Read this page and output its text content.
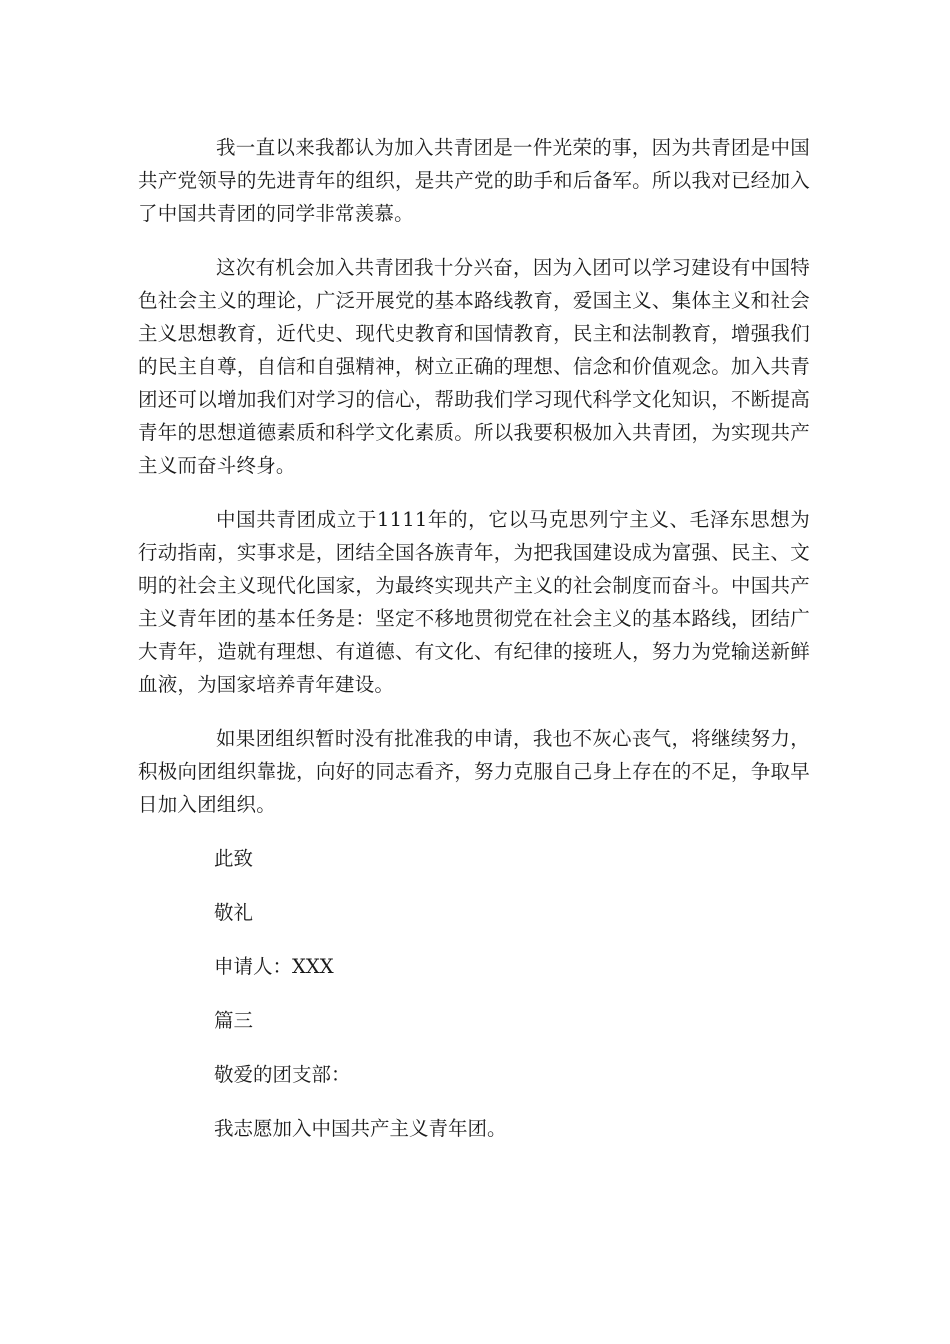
我一直以来我都认为加入共青团是一件光荣的事，因为共青团是中国共产党领导的先进青年的组织，是共产党的助手和后备军。所以我对已经加入了中国共青团的同学非常羡慕。

这次有机会加入共青团我十分兴奋，因为入团可以学习建设有中国特色社会主义的理论，广泛开展党的基本路线教育，爱国主义、集体主义和社会主义思想教育，近代史、现代史教育和国情教育，民主和法制教育，增强我们的民主自尊，自信和自强精神，树立正确的理想、信念和价值观念。加入共青团还可以增加我们对学习的信心，帮助我们学习现代科学文化知识，不断提高青年的思想道德素质和科学文化素质。所以我要积极加入共青团，为实现共产主义而奋斗终身。

中国共青团成立于1111年的，它以马克思列宁主义、毛泽东思想为行动指南，实事求是，团结全国各族青年，为把我国建设成为富强、民主、文明的社会主义现代化国家，为最终实现共产主义的社会制度而奋斗。中国共产主义青年团的基本任务是：坚定不移地贯彻党在社会主义的基本路线，团结广大青年，造就有理想、有道德、有文化、有纪律的接班人，努力为党输送新鲜血液，为国家培养青年建设。

如果团组织暂时没有批准我的申请，我也不灰心丧气，将继续努力，积极向团组织靠拢，向好的同志看齐，努力克服自己身上存在的不足，争取早日加入团组织。

此致

敬礼

申请人：XXX

篇三

敬爱的团支部：

我志愿加入中国共产主义青年团。
